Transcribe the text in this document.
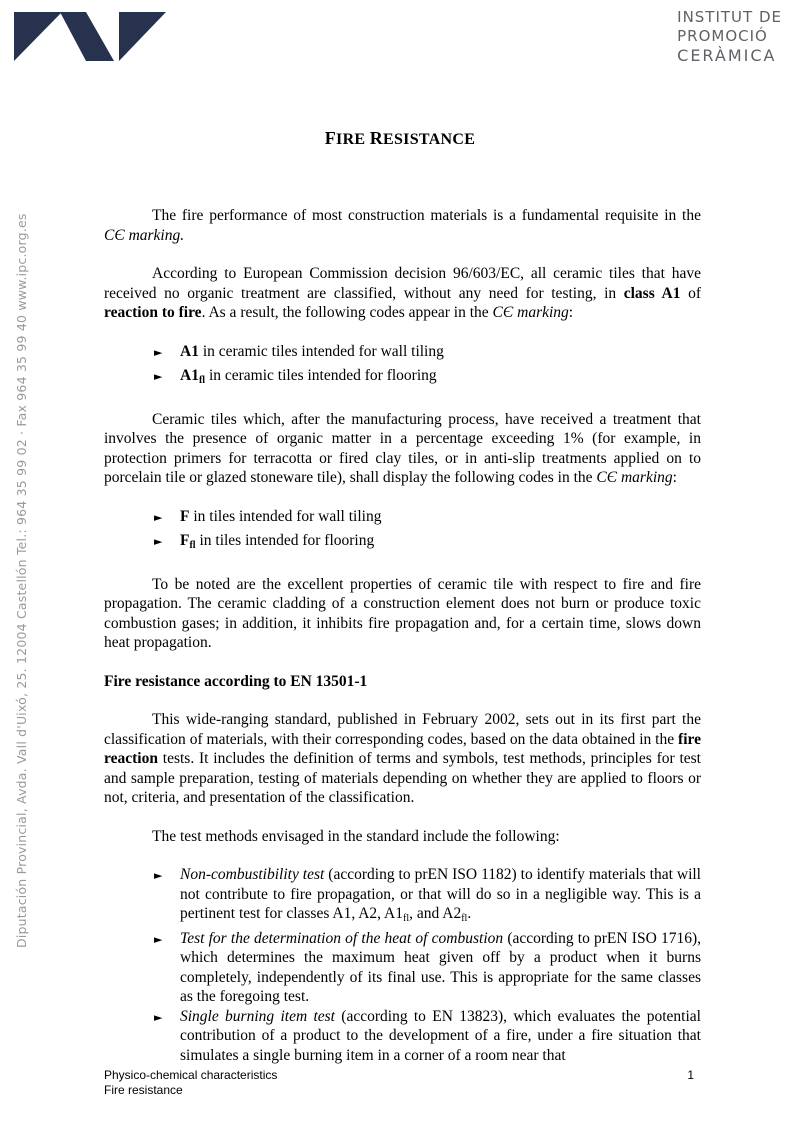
INSTITUT DE
PROMOCIÓ
CERÀMICA
Diputación Provincial, Avda. Vall d'Uixó, 25. 12004 Castellón Tel.: 964 35 99 02 · Fax 964 35 99 40 www.ipc.org.es
FIRE RESISTANCE

The fire performance of most construction materials is a fundamental requisite in the CЄ marking.

According to European Commission decision 96/603/EC, all ceramic tiles that have received no organic treatment are classified, without any need for testing, in class A1 of reaction to fire. As a result, the following codes appear in the CЄ marking:

► A1 in ceramic tiles intended for wall tiling
► $A1_{fl}$ in ceramic tiles intended for flooring

Ceramic tiles which, after the manufacturing process, have received a treatment that involves the presence of organic matter in a percentage exceeding 1% (for example, in protection primers for terracotta or fired clay tiles, or in anti-slip treatments applied on to porcelain tile or glazed stoneware tile), shall display the following codes in the CЄ marking:

► F in tiles intended for wall tiling
► $F_{fl}$ in tiles intended for flooring

To be noted are the excellent properties of ceramic tile with respect to fire and fire propagation. The ceramic cladding of a construction element does not burn or produce toxic combustion gases; in addition, it inhibits fire propagation and, for a certain time, slows down heat propagation.

Fire resistance according to EN 13501-1

This wide-ranging standard, published in February 2002, sets out in its first part the classification of materials, with their corresponding codes, based on the data obtained in the fire reaction tests. It includes the definition of terms and symbols, test methods, principles for test and sample preparation, testing of materials depending on whether they are applied to floors or not, criteria, and presentation of the classification.

The test methods envisaged in the standard include the following:

► Non-combustibility test (according to prEN ISO 1182) to identify materials that will not contribute to fire propagation, or that will do so in a negligible way. This is a pertinent test for classes A1, A2, A1fl, and A2fl.
► Test for the determination of the heat of combustion (according to prEN ISO 1716), which determines the maximum heat given off by a product when it burns completely, independently of its final use. This is appropriate for the same classes as the foregoing test.
► Single burning item test (according to EN 13823), which evaluates the potential contribution of a product to the development of a fire, under a fire situation that simulates a single burning item in a corner of a room near that
Physico-chemical characteristics
Fire resistance
1
